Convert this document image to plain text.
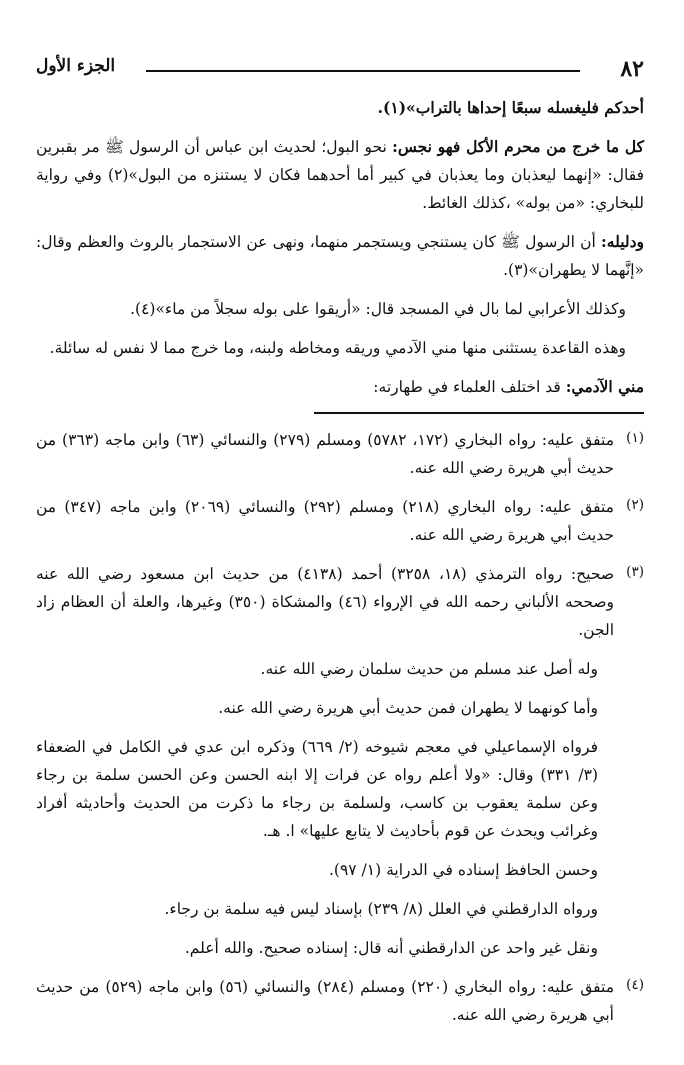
٨٢
الجزء الأول

أحدكم فليغسله سبعًا إحداها بالتراب»(١).

كل ما خرج من محرم الأكل فهو نجس: نحو البول؛ لحديث ابن عباس أن الرسول ﷺ مر بقبرين فقال: «إنهما ليعذبان وما يعذبان في كبير أما أحدهما فكان لا يستنزه من البول»(٢) وفي رواية للبخاري: «من بوله» ،كذلك الغائط.

ودليله: أن الرسول ﷺ كان يستنجي ويستجمر منهما، ونهى عن الاستجمار بالروث والعظم وقال: «إنَّهما لا يطهران»(٣).

وكذلك الأعرابي لما بال في المسجد قال: «أريقوا على بوله سجلاً من ماء»(٤).

وهذه القاعدة يستثنى منها مني الآدمي وريقه ومخاطه ولبنه، وما خرج مما لا نفس له سائلة.

مني الآدمي: قد اختلف العلماء في طهارته:

(١)

متفق عليه: رواه البخاري (١٧٢، ٥٧٨٢) ومسلم (٢٧٩) والنسائي (٦٣) وابن ماجه (٣٦٣) من حديث أبي هريرة رضي الله عنه.

(٢)

متفق عليه: رواه البخاري (٢١٨) ومسلم (٢٩٢) والنسائي (٢٠٦٩) وابن ماجه (٣٤٧) من حديث أبي هريرة رضي الله عنه.

(٣)

صحيح: رواه الترمذي (١٨، ٣٢٥٨) أحمد (٤١٣٨) من حديث ابن مسعود رضي الله عنه وصححه الألباني رحمه الله في الإرواء (٤٦) والمشكاة (٣٥٠) وغيرها، والعلة أن العظام زاد الجن.

وله أصل عند مسلم من حديث سلمان رضي الله عنه.

وأما كونهما لا يطهران فمن حديث أبي هريرة رضي الله عنه.

فرواه الإسماعيلي في معجم شيوخه (٢/ ٦٦٩) وذكره ابن عدي في الكامل في الضعفاء (٣/ ٣٣١) وقال: «ولا أعلم رواه عن فرات إلا ابنه الحسن وعن الحسن سلمة بن رجاء وعن سلمة يعقوب بن كاسب، ولسلمة بن رجاء ما ذكرت من الحديث وأحاديثه أفراد وغرائب ويحدث عن قوم بأحاديث لا يتابع عليها» ا. هـ.

وحسن الحافظ إسناده في الدراية (١/ ٩٧).

ورواه الدارقطني في العلل (٨/ ٢٣٩) بإسناد ليس فيه سلمة بن رجاء.

ونقل غير واحد عن الدارقطني أنه قال: إسناده صحيح. والله أعلم.

(٤)

متفق عليه: رواه البخاري (٢٢٠) ومسلم (٢٨٤) والنسائي (٥٦) وابن ماجه (٥٢٩) من حديث أبي هريرة رضي الله عنه.
